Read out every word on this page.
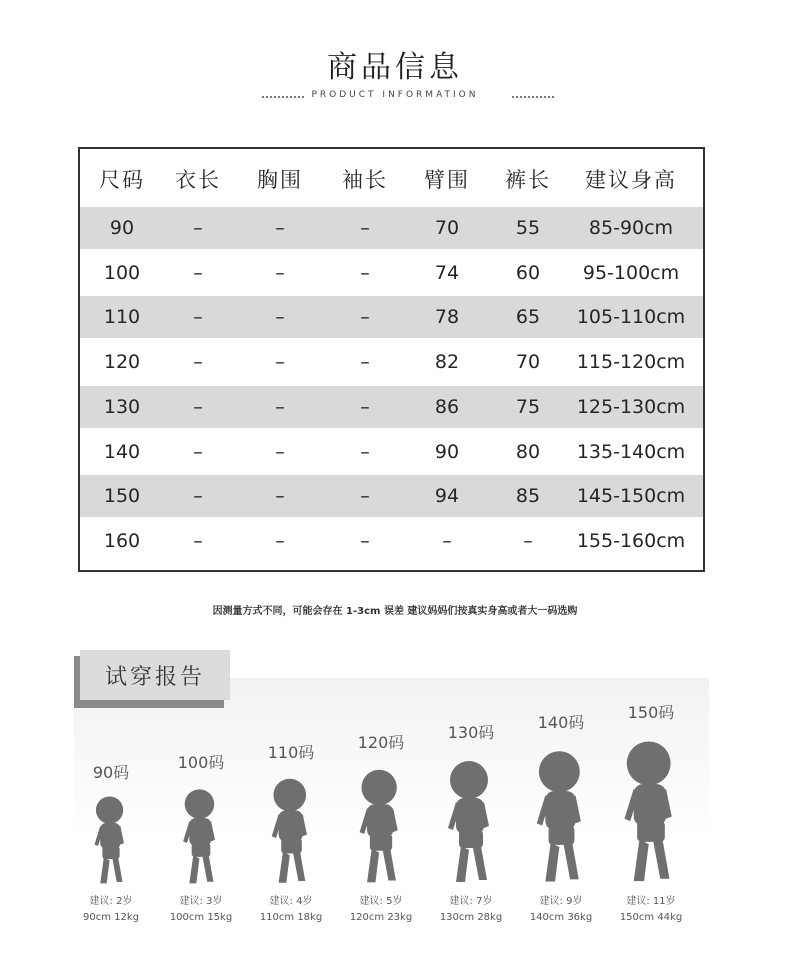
商品信息
PRODUCT INFORMATION
尺码	衣长	胸围	袖长	臂围	裤长	建议身高
90	–	–	–	70	55	85-90cm
100	–	–	–	74	60	95-100cm
110	–	–	–	78	65	105-110cm
120	–	–	–	82	70	115-120cm
130	–	–	–	86	75	125-130cm
140	–	–	–	90	80	135-140cm
150	–	–	–	94	85	145-150cm
160	–	–	–	–	–	155-160cm
因测量方式不同，可能会存在 1-3cm 误差 建议妈妈们按真实身高或者大一码选购
试穿报告
90码
建议: 2岁
90cm 12kg
100码
建议: 3岁
100cm 15kg
110码
建议: 4岁
110cm 18kg
120码
建议: 5岁
120cm 23kg
130码
建议: 7岁
130cm 28kg
140码
建议: 9岁
140cm 36kg
150码
建议: 11岁
150cm 44kg
